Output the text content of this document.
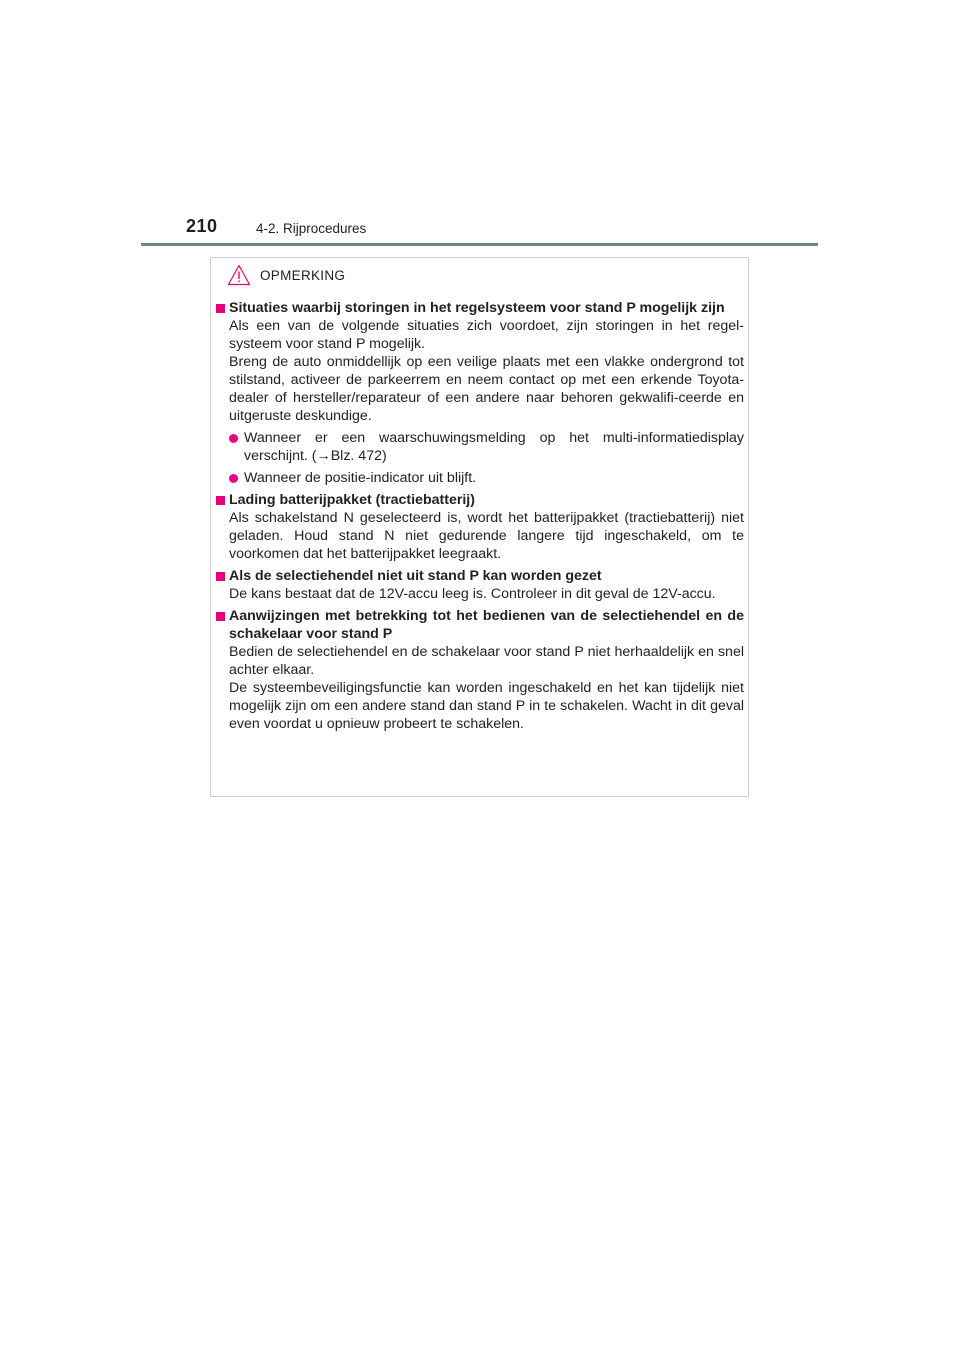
210	4-2. Rijprocedures
OPMERKING
Situaties waarbij storingen in het regelsysteem voor stand P mogelijk zijn
Als een van de volgende situaties zich voordoet, zijn storingen in het regel-systeem voor stand P mogelijk.
Breng de auto onmiddellijk op een veilige plaats met een vlakke ondergrond tot stilstand, activeer de parkeerrem en neem contact op met een erkende Toyota-dealer of hersteller/reparateur of een andere naar behoren gekwalifi-ceerde en uitgeruste deskundige.
Wanneer er een waarschuwingsmelding op het multi-informatiedisplay verschijnt. (→Blz. 472)
Wanneer de positie-indicator uit blijft.
Lading batterijpakket (tractiebatterij)
Als schakelstand N geselecteerd is, wordt het batterijpakket (tractiebatterij) niet geladen. Houd stand N niet gedurende langere tijd ingeschakeld, om te voorkomen dat het batterijpakket leegraakt.
Als de selectiehendel niet uit stand P kan worden gezet
De kans bestaat dat de 12V-accu leeg is. Controleer in dit geval de 12V-accu.
Aanwijzingen met betrekking tot het bedienen van de selectiehendel en de schakelaar voor stand P
Bedien de selectiehendel en de schakelaar voor stand P niet herhaaldelijk en snel achter elkaar.
De systeembeveiligingsfunctie kan worden ingeschakeld en het kan tijdelijk niet mogelijk zijn om een andere stand dan stand P in te schakelen. Wacht in dit geval even voordat u opnieuw probeert te schakelen.
